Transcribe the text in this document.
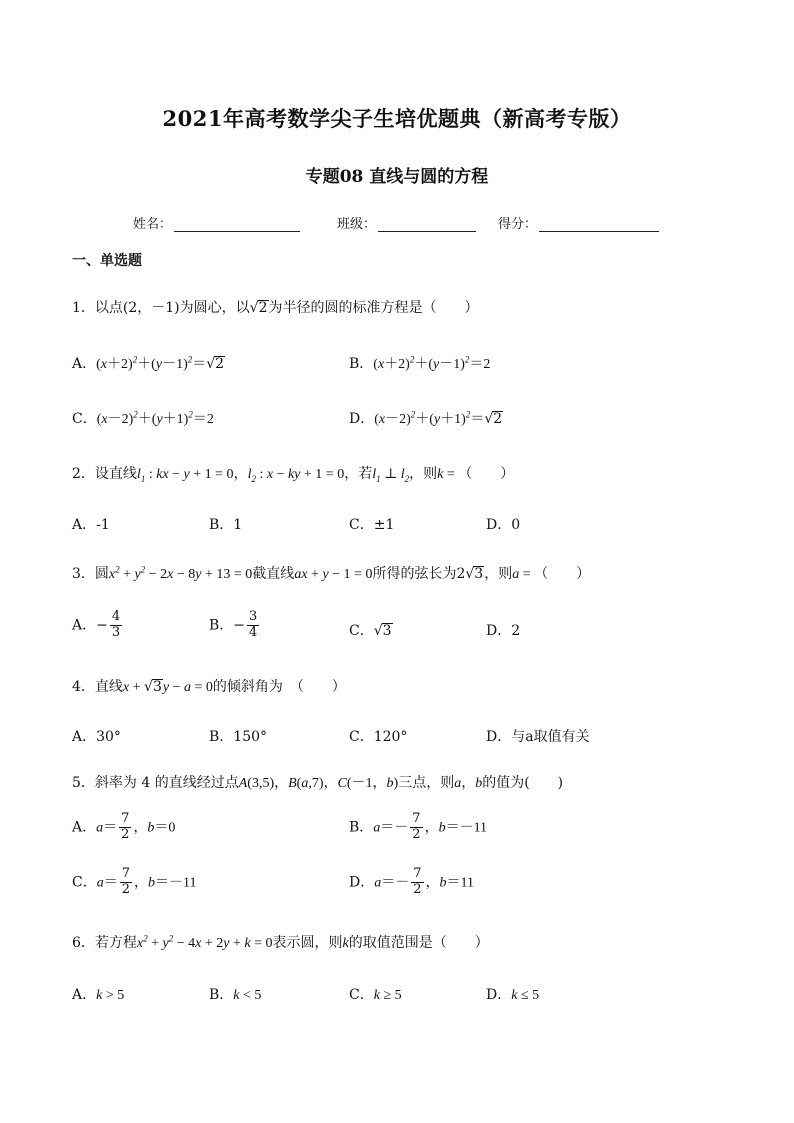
2021年高考数学尖子生培优题典（新高考专版）
专题08 直线与圆的方程
姓名：	班级：	得分：
一、单选题
1．以点(2，－1)为圆心，以√2为半径的圆的标准方程是（　　）
A．$(x+2)^2+(y-1)^2=√2$	B．$(x+2)^2+(y-1)^2=2$
C．$(x-2)^2+(y+1)^2=2$	D．$(x-2)^2+(y+1)^2=√2$
2．设直线$l_1$ : kx − y + 1 = 0，$l_2$ : x − ky + 1 = 0，若$l_1$ ⊥ $l_2$，则k = （　　）
A．-1	B．1	C．±1	D．0
3．圆$x^2 + y^2 - 2x - 8y + 13 = 0$截直线ax + y − 1 = 0所得的弦长为2√3，则a = （　　）
A．− $\frac{4}{3}$	B．− $\frac{3}{4}$	C．√3	D．2
4．直线x + √3y − a = 0的倾斜角为　（　　）
A．30°	B．150°	C．120°	D．与a取值有关
5．斜率为 4 的直线经过点A(3,5)，B(a,7)，C(－1，b)三点，则a，b的值为(　　)
A．$a= \frac{7}{2}$ ，b＝0	B．$a=- \frac{7}{2}$ ，b＝－11
C．$a= \frac{7}{2}$ ，b＝－11	D．$a=- \frac{7}{2}$ ，b＝11
6．若方程$x^2 + y^2 - 4x + 2y + k = 0$表示圆，则k的取值范围是（　　）
A．k > 5	B．k < 5	C．k ≥ 5	D．k ≤ 5
